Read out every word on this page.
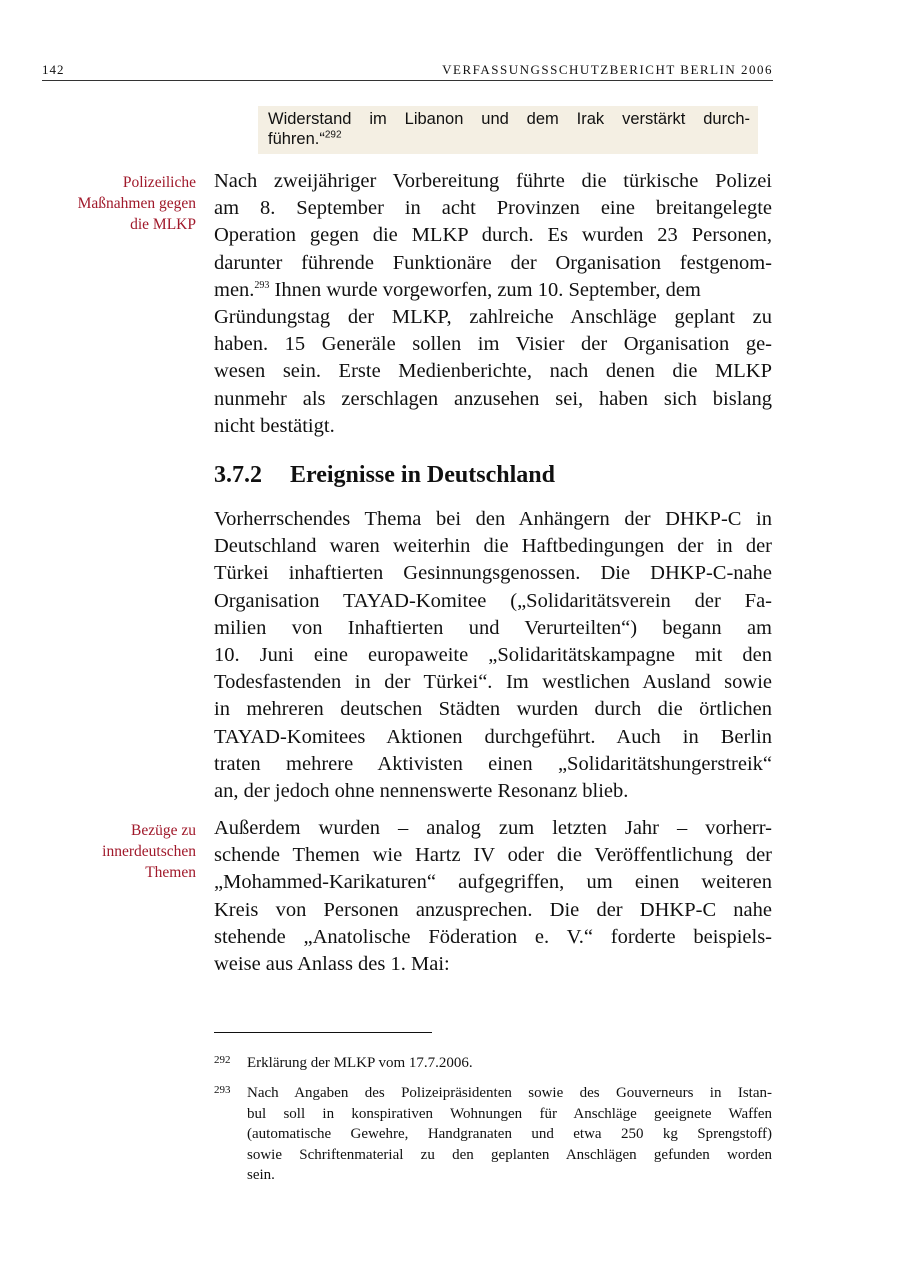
142	VERFASSUNGSSCHUTZBERICHT BERLIN 2006
Widerstand im Libanon und dem Irak verstärkt durch-
führen.“$^{292}$
Polizeiliche
Maßnahmen gegen
die MLKP
Nach zweijähriger Vorbereitung führte die türkische Polizei
am 8. September in acht Provinzen eine breitangelegte
Operation gegen die MLKP durch. Es wurden 23 Personen,
darunter führende Funktionäre der Organisation festgenom-
men.$^{293}$ Ihnen wurde vorgeworfen, zum 10. September, dem
Gründungstag der MLKP, zahlreiche Anschläge geplant zu
haben. 15 Generäle sollen im Visier der Organisation ge-
wesen sein. Erste Medienberichte, nach denen die MLKP
nunmehr als zerschlagen anzusehen sei, haben sich bislang
nicht bestätigt.
3.7.2 Ereignisse in Deutschland
Vorherrschendes Thema bei den Anhängern der DHKP-C in
Deutschland waren weiterhin die Haftbedingungen der in der
Türkei inhaftierten Gesinnungsgenossen. Die DHKP-C-nahe
Organisation TAYAD-Komitee („Solidaritätsverein der Fa-
milien von Inhaftierten und Verurteilten“) begann am
10. Juni eine europaweite „Solidaritätskampagne mit den
Todesfastenden in der Türkei“. Im westlichen Ausland sowie
in mehreren deutschen Städten wurden durch die örtlichen
TAYAD-Komitees Aktionen durchgeführt. Auch in Berlin
traten mehrere Aktivisten einen „Solidaritätshungerstreik“
an, der jedoch ohne nennenswerte Resonanz blieb.
Bezüge zu
innerdeutschen
Themen
Außerdem wurden – analog zum letzten Jahr – vorherr-
schende Themen wie Hartz IV oder die Veröffentlichung der
„Mohammed-Karikaturen“ aufgegriffen, um einen weiteren
Kreis von Personen anzusprechen. Die der DHKP-C nahe
stehende „Anatolische Föderation e. V.“ forderte beispiels-
weise aus Anlass des 1. Mai:
292 Erklärung der MLKP vom 17.7.2006.
293 Nach Angaben des Polizeipräsidenten sowie des Gouverneurs in Istan-
bul soll in konspirativen Wohnungen für Anschläge geeignete Waffen
(automatische Gewehre, Handgranaten und etwa 250 kg Sprengstoff)
sowie Schriftenmaterial zu den geplanten Anschlägen gefunden worden
sein.
